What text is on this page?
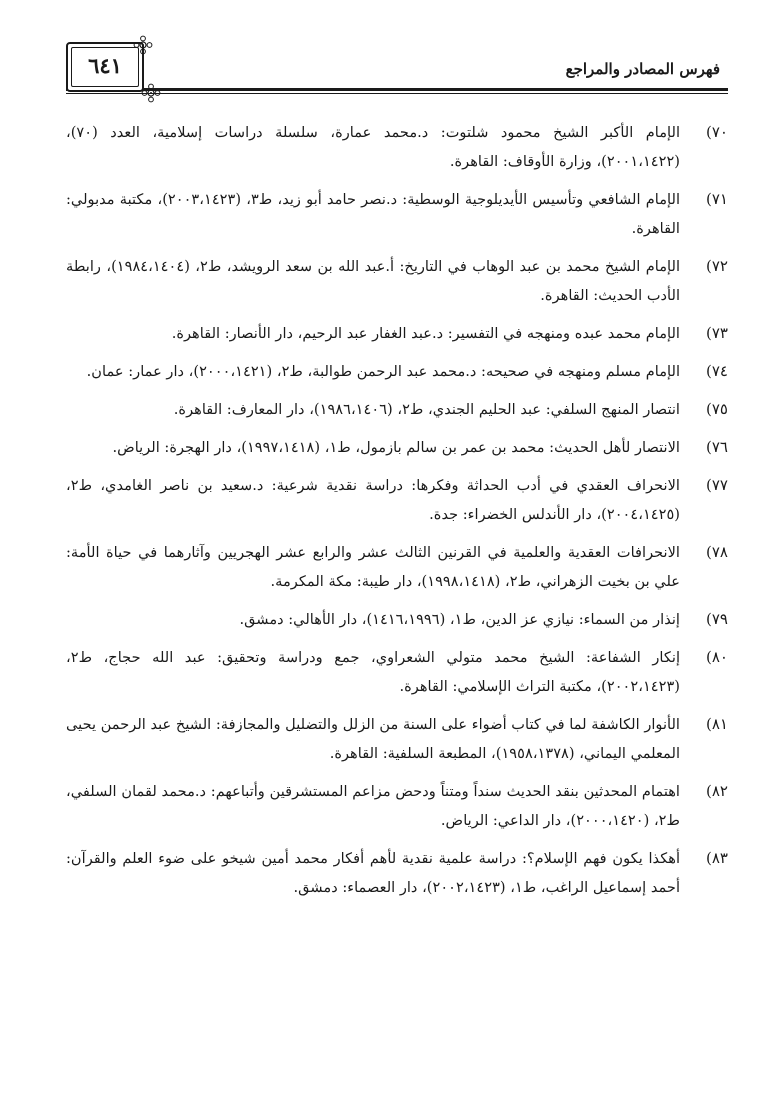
فهرس المصادر والمراجع
٦٤١
٧٠)
الإمام الأكبر الشيخ محمود شلتوت: د.محمد عمارة، سلسلة دراسات إسلامية، العدد (٧٠)، (٢٠٠١،١٤٢٢)، وزارة الأوقاف: القاهرة.
٧١)
الإمام الشافعي وتأسيس الأيديلوجية الوسطية: د.نصر حامد أبو زيد، ط٣، (٢٠٠٣،١٤٢٣)، مكتبة مدبولي: القاهرة.
٧٢)
الإمام الشيخ محمد بن عبد الوهاب في التاريخ: أ.عبد الله بن سعد الرويشد، ط٢، (١٩٨٤،١٤٠٤)، رابطة الأدب الحديث: القاهرة.
٧٣)
الإمام محمد عبده ومنهجه في التفسير: د.عبد الغفار عبد الرحيم، دار الأنصار: القاهرة.
٧٤)
الإمام مسلم ومنهجه في صحيحه: د.محمد عبد الرحمن طوالبة، ط٢، (٢٠٠٠،١٤٢١)، دار عمار: عمان.
٧٥)
انتصار المنهج السلفي: عبد الحليم الجندي، ط٢، (١٩٨٦،١٤٠٦)، دار المعارف: القاهرة.
٧٦)
الانتصار لأهل الحديث: محمد بن عمر بن سالم بازمول، ط١، (١٩٩٧،١٤١٨)، دار الهجرة: الرياض.
٧٧)
الانحراف العقدي في أدب الحداثة وفكرها: دراسة نقدية شرعية: د.سعيد بن ناصر الغامدي، ط٢، (٢٠٠٤،١٤٢٥)، دار الأندلس الخضراء: جدة.
٧٨)
الانحرافات العقدية والعلمية في القرنين الثالث عشر والرابع عشر الهجريين وآثارهما في حياة الأمة: علي بن بخيت الزهراني، ط٢، (١٩٩٨،١٤١٨)، دار طيبة: مكة المكرمة.
٧٩)
إنذار من السماء: نيازي عز الدين، ط١، (١٤١٦،١٩٩٦)، دار الأهالي: دمشق.
٨٠)
إنكار الشفاعة: الشيخ محمد متولي الشعراوي، جمع ودراسة وتحقيق: عبد الله حجاج، ط٢، (٢٠٠٢،١٤٢٣)، مكتبة التراث الإسلامي: القاهرة.
٨١)
الأنوار الكاشفة لما في كتاب أضواء على السنة من الزلل والتضليل والمجازفة: الشيخ عبد الرحمن يحيى المعلمي اليماني، (١٩٥٨،١٣٧٨)، المطبعة السلفية: القاهرة.
٨٢)
اهتمام المحدثين بنقد الحديث سنداً ومتناً ودحض مزاعم المستشرقين وأتباعهم: د.محمد لقمان السلفي، ط٢، (٢٠٠٠،١٤٢٠)، دار الداعي: الرياض.
٨٣)
أهكذا يكون فهم الإسلام؟: دراسة علمية نقدية لأهم أفكار محمد أمين شيخو على ضوء العلم والقرآن: أحمد إسماعيل الراغب، ط١، (٢٠٠٢،١٤٢٣)، دار العصماء: دمشق.
